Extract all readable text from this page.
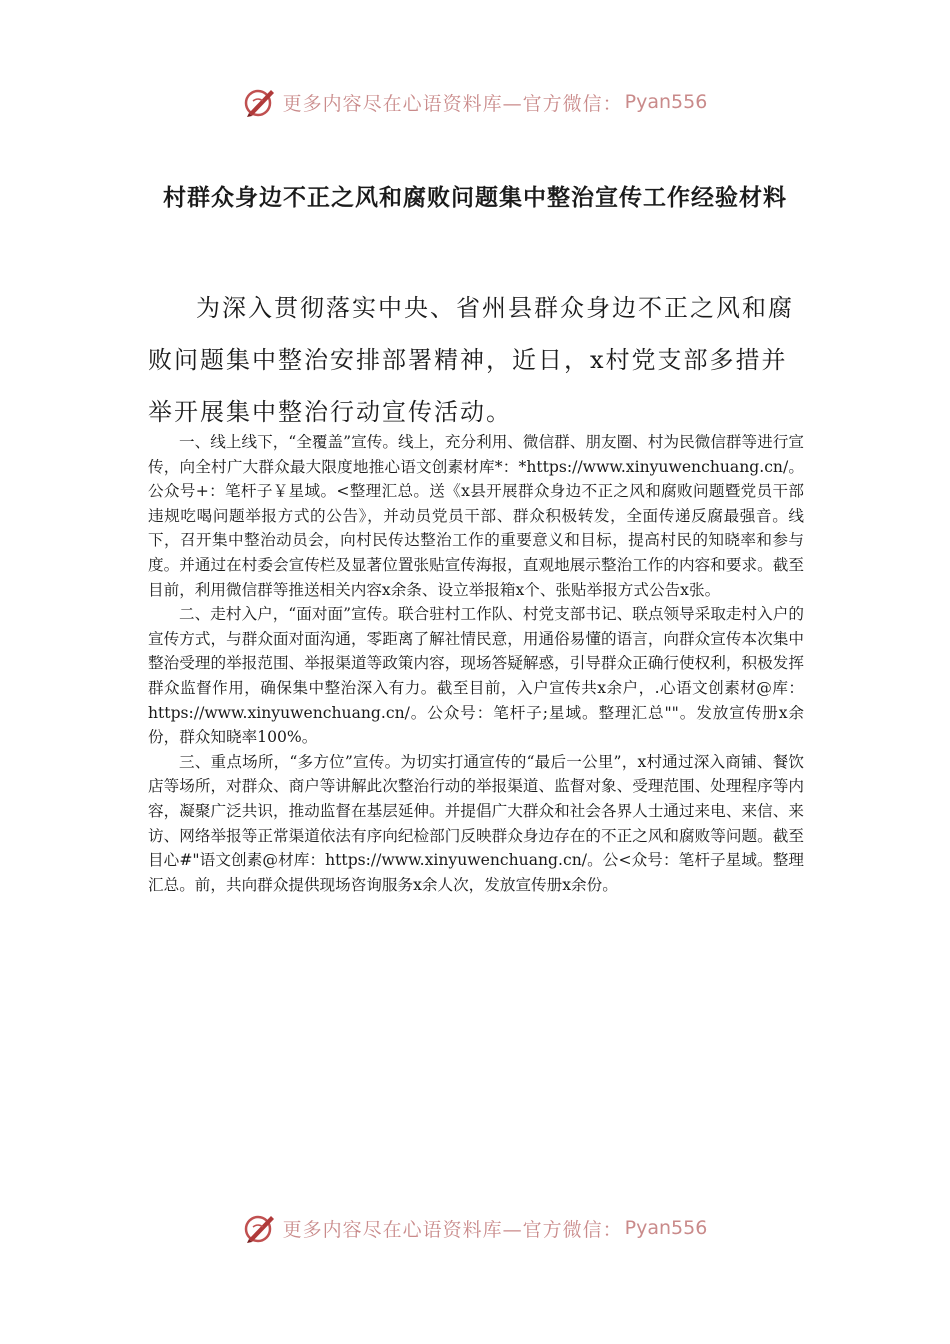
更多内容尽在心语资料库—官方微信： Pyan556
村群众身边不正之风和腐败问题集中整治宣传工作经验材料

为深入贯彻落实中央、省州县群众身边不正之风和腐败问题集中整治安排部署精神，近日，x村党支部多措并举开展集中整治行动宣传活动。

一、线上线下，“全覆盖”宣传。线上，充分利用、微信群、朋友圈、村为民微信群等进行宣传，向全村广大群众最大限度地推心语文创素材库*：*https://www.xinyuwenchuang.cn/。公众号+：笔杆子￥星域。<整理汇总。送《x县开展群众身边不正之风和腐败问题暨党员干部违规吃喝问题举报方式的公告》，并动员党员干部、群众积极转发，全面传递反腐最强音。线下，召开集中整治动员会，向村民传达整治工作的重要意义和目标，提高村民的知晓率和参与度。并通过在村委会宣传栏及显著位置张贴宣传海报，直观地展示整治工作的内容和要求。截至目前，利用微信群等推送相关内容x余条、设立举报箱x个、张贴举报方式公告x张。

二、走村入户，“面对面”宣传。联合驻村工作队、村党支部书记、联点领导采取走村入户的宣传方式，与群众面对面沟通，零距离了解社情民意，用通俗易懂的语言，向群众宣传本次集中整治受理的举报范围、举报渠道等政策内容，现场答疑解惑，引导群众正确行使权利，积极发挥群众监督作用，确保集中整治深入有力。截至目前，入户宣传共x余户，.心语文创素材@库：https://www.xinyuwenchuang.cn/。公众号：笔杆子;星域。整理汇总""。发放宣传册x余份，群众知晓率100%。

三、重点场所，“多方位”宣传。为切实打通宣传的“最后一公里”，x村通过深入商铺、餐饮店等场所，对群众、商户等讲解此次整治行动的举报渠道、监督对象、受理范围、处理程序等内容，凝聚广泛共识，推动监督在基层延伸。并提倡广大群众和社会各界人士通过来电、来信、来访、网络举报等正常渠道依法有序向纪检部门反映群众身边存在的不正之风和腐败等问题。截至目心#"语文创素@材库：https://www.xinyuwenchuang.cn/。公<众号：笔杆子星域。整理汇总。前，共向群众提供现场咨询服务x余人次，发放宣传册x余份。

更多内容尽在心语资料库—官方微信： Pyan556
